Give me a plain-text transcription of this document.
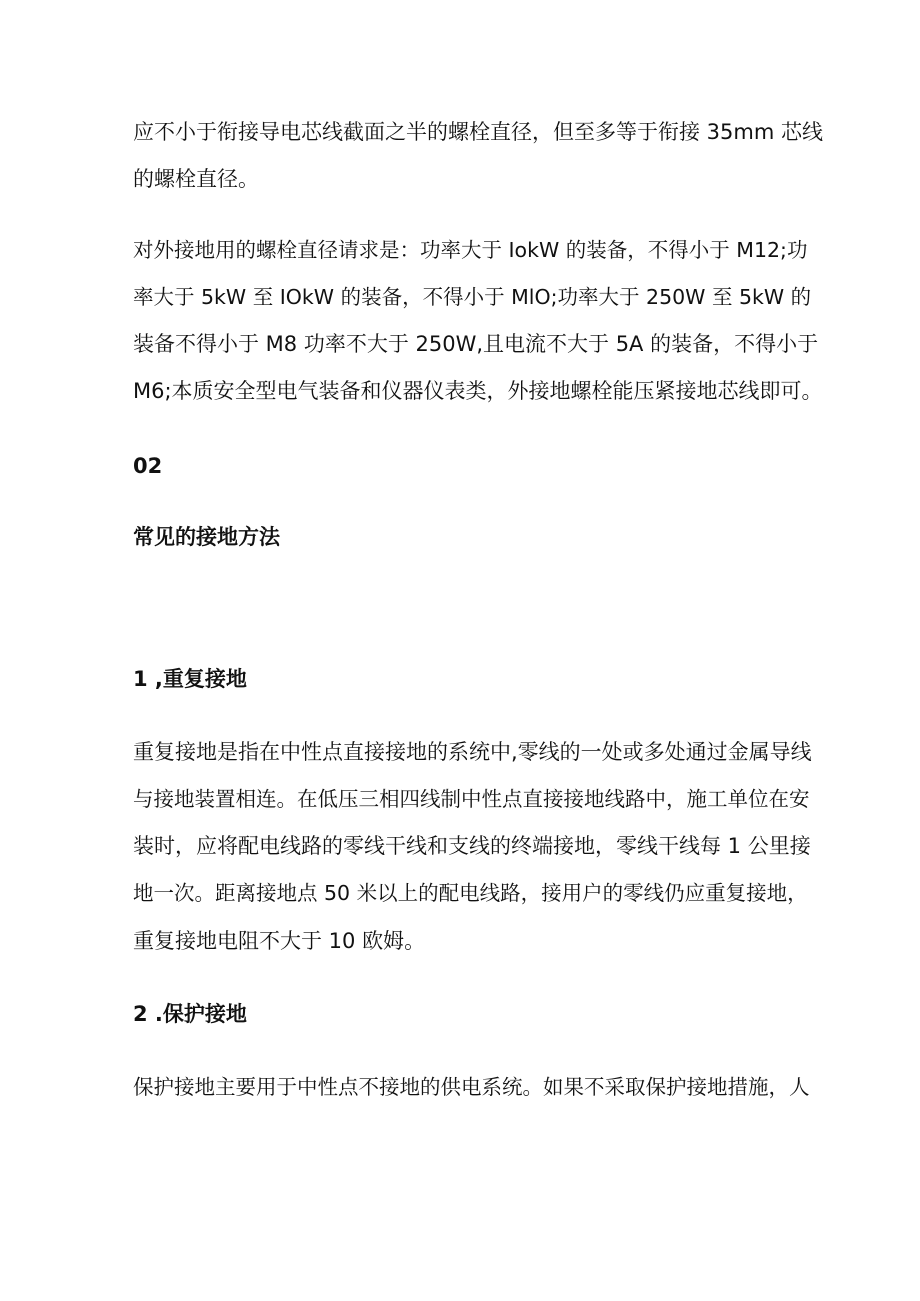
应不小于衔接导电芯线截面之半的螺栓直径，但至多等于衔接 35mm 芯线
的螺栓直径。
对外接地用的螺栓直径请求是：功率大于 IokW 的装备，不得小于 M12;功
率大于 5kW 至 IOkW 的装备，不得小于 MlO;功率大于 250W 至 5kW 的
装备不得小于 M8 功率不大于 250W,且电流不大于 5A 的装备，不得小于
M6;本质安全型电气装备和仪器仪表类，外接地螺栓能压紧接地芯线即可。
02
常见的接地方法
1 ,重复接地
重复接地是指在中性点直接接地的系统中,零线的一处或多处通过金属导线
与接地装置相连。在低压三相四线制中性点直接接地线路中，施工单位在安
装时，应将配电线路的零线干线和支线的终端接地，零线干线每 1 公里接
地一次。距离接地点 50 米以上的配电线路，接用户的零线仍应重复接地，
重复接地电阻不大于 10 欧姆。
2 .保护接地
保护接地主要用于中性点不接地的供电系统。如果不采取保护接地措施，人
